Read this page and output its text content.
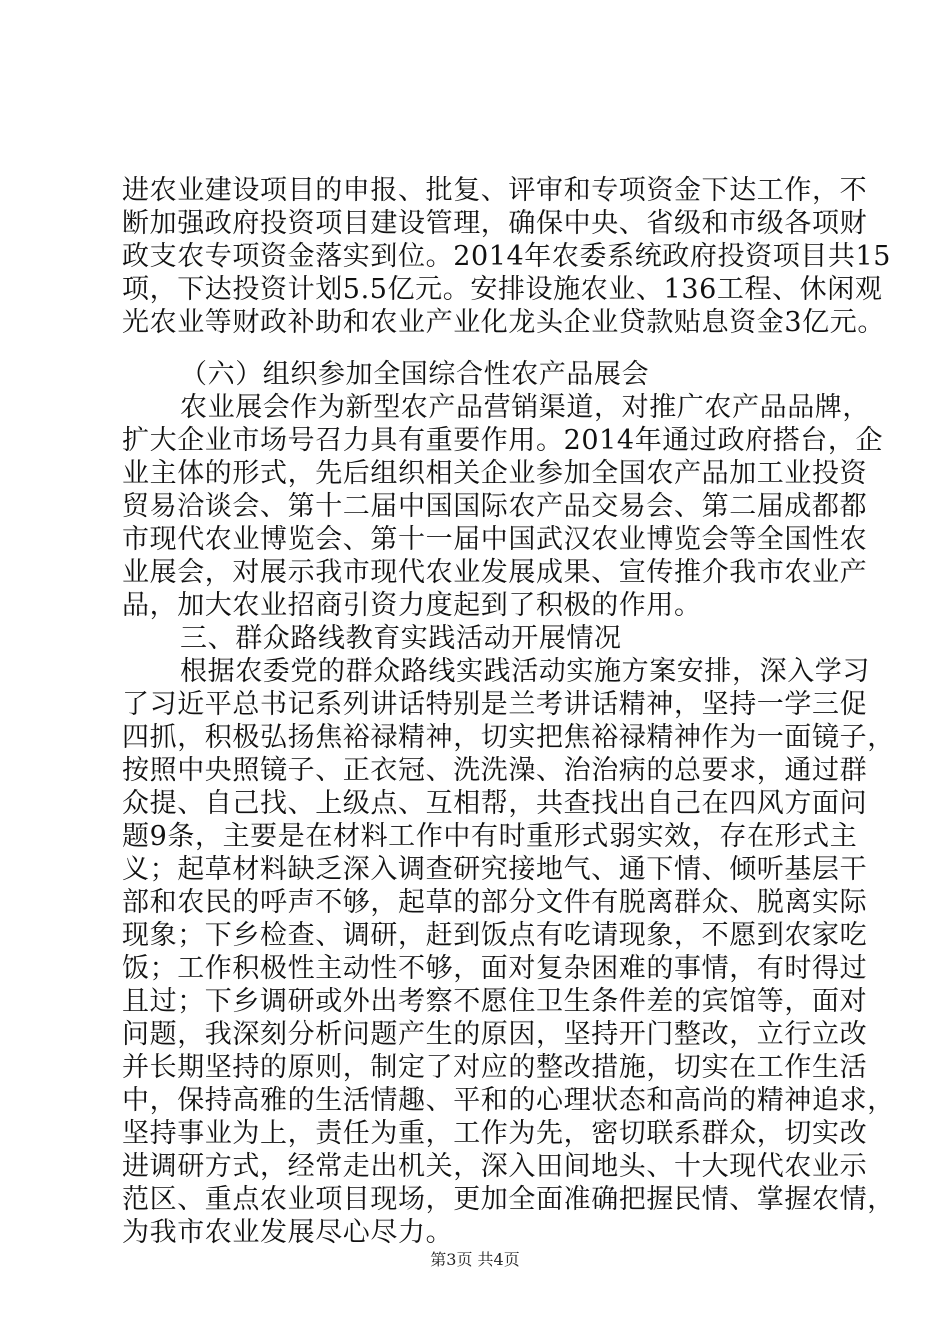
进农业建设项目的申报、批复、评审和专项资金下达工作，不
断加强政府投资项目建设管理，确保中央、省级和市级各项财
政支农专项资金落实到位。2014年农委系统政府投资项目共15
项，下达投资计划5.5亿元。安排设施农业、136工程、休闲观
光农业等财政补助和农业产业化龙头企业贷款贴息资金3亿元。
（六）组织参加全国综合性农产品展会
农业展会作为新型农产品营销渠道，对推广农产品品牌，
扩大企业市场号召力具有重要作用。2014年通过政府搭台，企
业主体的形式，先后组织相关企业参加全国农产品加工业投资
贸易洽谈会、第十二届中国国际农产品交易会、第二届成都都
市现代农业博览会、第十一届中国武汉农业博览会等全国性农
业展会，对展示我市现代农业发展成果、宣传推介我市农业产
品，加大农业招商引资力度起到了积极的作用。
三、群众路线教育实践活动开展情况
根据农委党的群众路线实践活动实施方案安排，深入学习
了习近平总书记系列讲话特别是兰考讲话精神，坚持一学三促
四抓，积极弘扬焦裕禄精神，切实把焦裕禄精神作为一面镜子，
按照中央照镜子、正衣冠、洗洗澡、治治病的总要求，通过群
众提、自己找、上级点、互相帮，共查找出自己在四风方面问
题9条，主要是在材料工作中有时重形式弱实效，存在形式主
义；起草材料缺乏深入调查研究接地气、通下情、倾听基层干
部和农民的呼声不够，起草的部分文件有脱离群众、脱离实际
现象；下乡检查、调研，赶到饭点有吃请现象，不愿到农家吃
饭；工作积极性主动性不够，面对复杂困难的事情，有时得过
且过；下乡调研或外出考察不愿住卫生条件差的宾馆等，面对
问题，我深刻分析问题产生的原因，坚持开门整改，立行立改
并长期坚持的原则，制定了对应的整改措施，切实在工作生活
中，保持高雅的生活情趣、平和的心理状态和高尚的精神追求，
坚持事业为上，责任为重，工作为先，密切联系群众，切实改
进调研方式，经常走出机关，深入田间地头、十大现代农业示
范区、重点农业项目现场，更加全面准确把握民情、掌握农情，
为我市农业发展尽心尽力。
第3页 共4页
